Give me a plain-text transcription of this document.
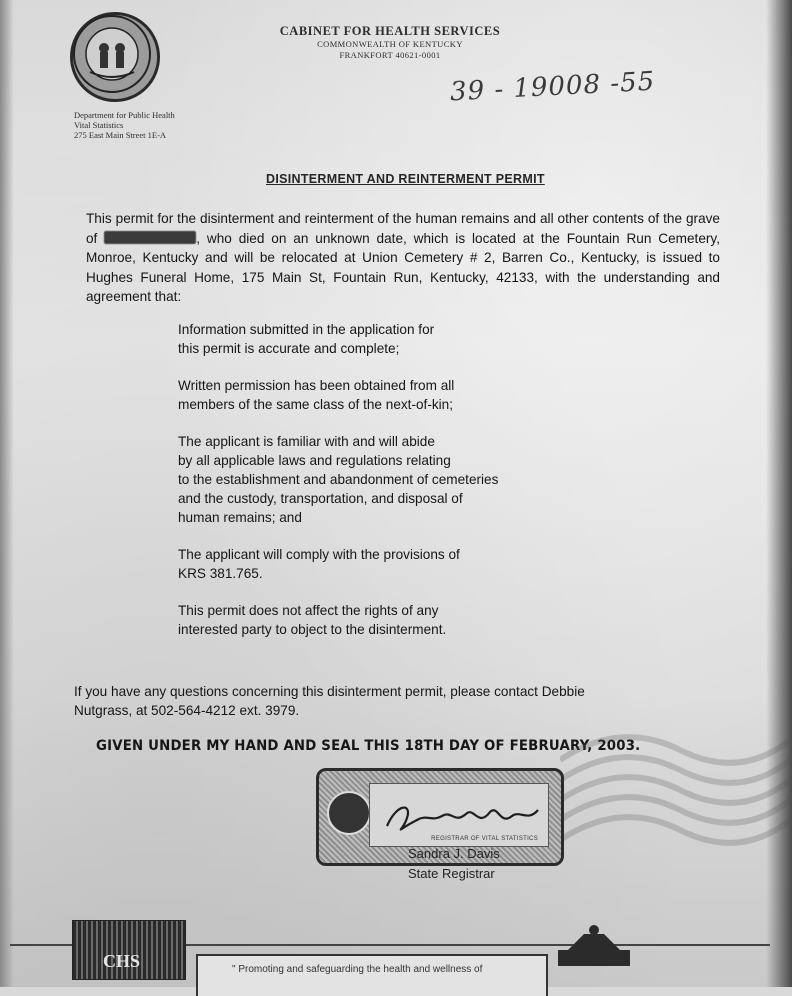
CABINET FOR HEALTH SERVICES
COMMONWEALTH OF KENTUCKY
FRANKFORT 40621-0001
39 - 19008 -55
Department for Public Health
Vital Statistics
275 East Main Street 1E-A
DISINTERMENT AND REINTERMENT PERMIT
This permit for the disinterment and reinterment of the human remains and all other contents of the grave of	, who died on an unknown date, which is located at the Fountain Run Cemetery, Monroe, Kentucky and will be relocated at Union Cemetery # 2, Barren Co., Kentucky, is issued to Hughes Funeral Home, 175 Main St, Fountain Run, Kentucky, 42133, with the understanding and agreement that:
Information submitted in the application for
this permit is accurate and complete;
Written permission has been obtained from all
members of the same class of the next-of-kin;
The applicant is familiar with and will abide
by all applicable laws and regulations relating
to the establishment and abandonment of cemeteries
and the custody, transportation, and disposal of
human remains; and
The applicant will comply with the provisions of
KRS 381.765.
This permit does not affect the rights of any
interested party to object to the disinterment.
If you have any questions concerning this disinterment permit, please contact Debbie
Nutgrass, at 502-564-4212 ext. 3979.
GIVEN UNDER MY HAND AND SEAL THIS 18TH DAY OF FEBRUARY, 2003.
REGISTRAR OF VITAL STATISTICS
Sandra J. Davis
State Registrar
CHS	" Promoting and safeguarding the health and wellness of
